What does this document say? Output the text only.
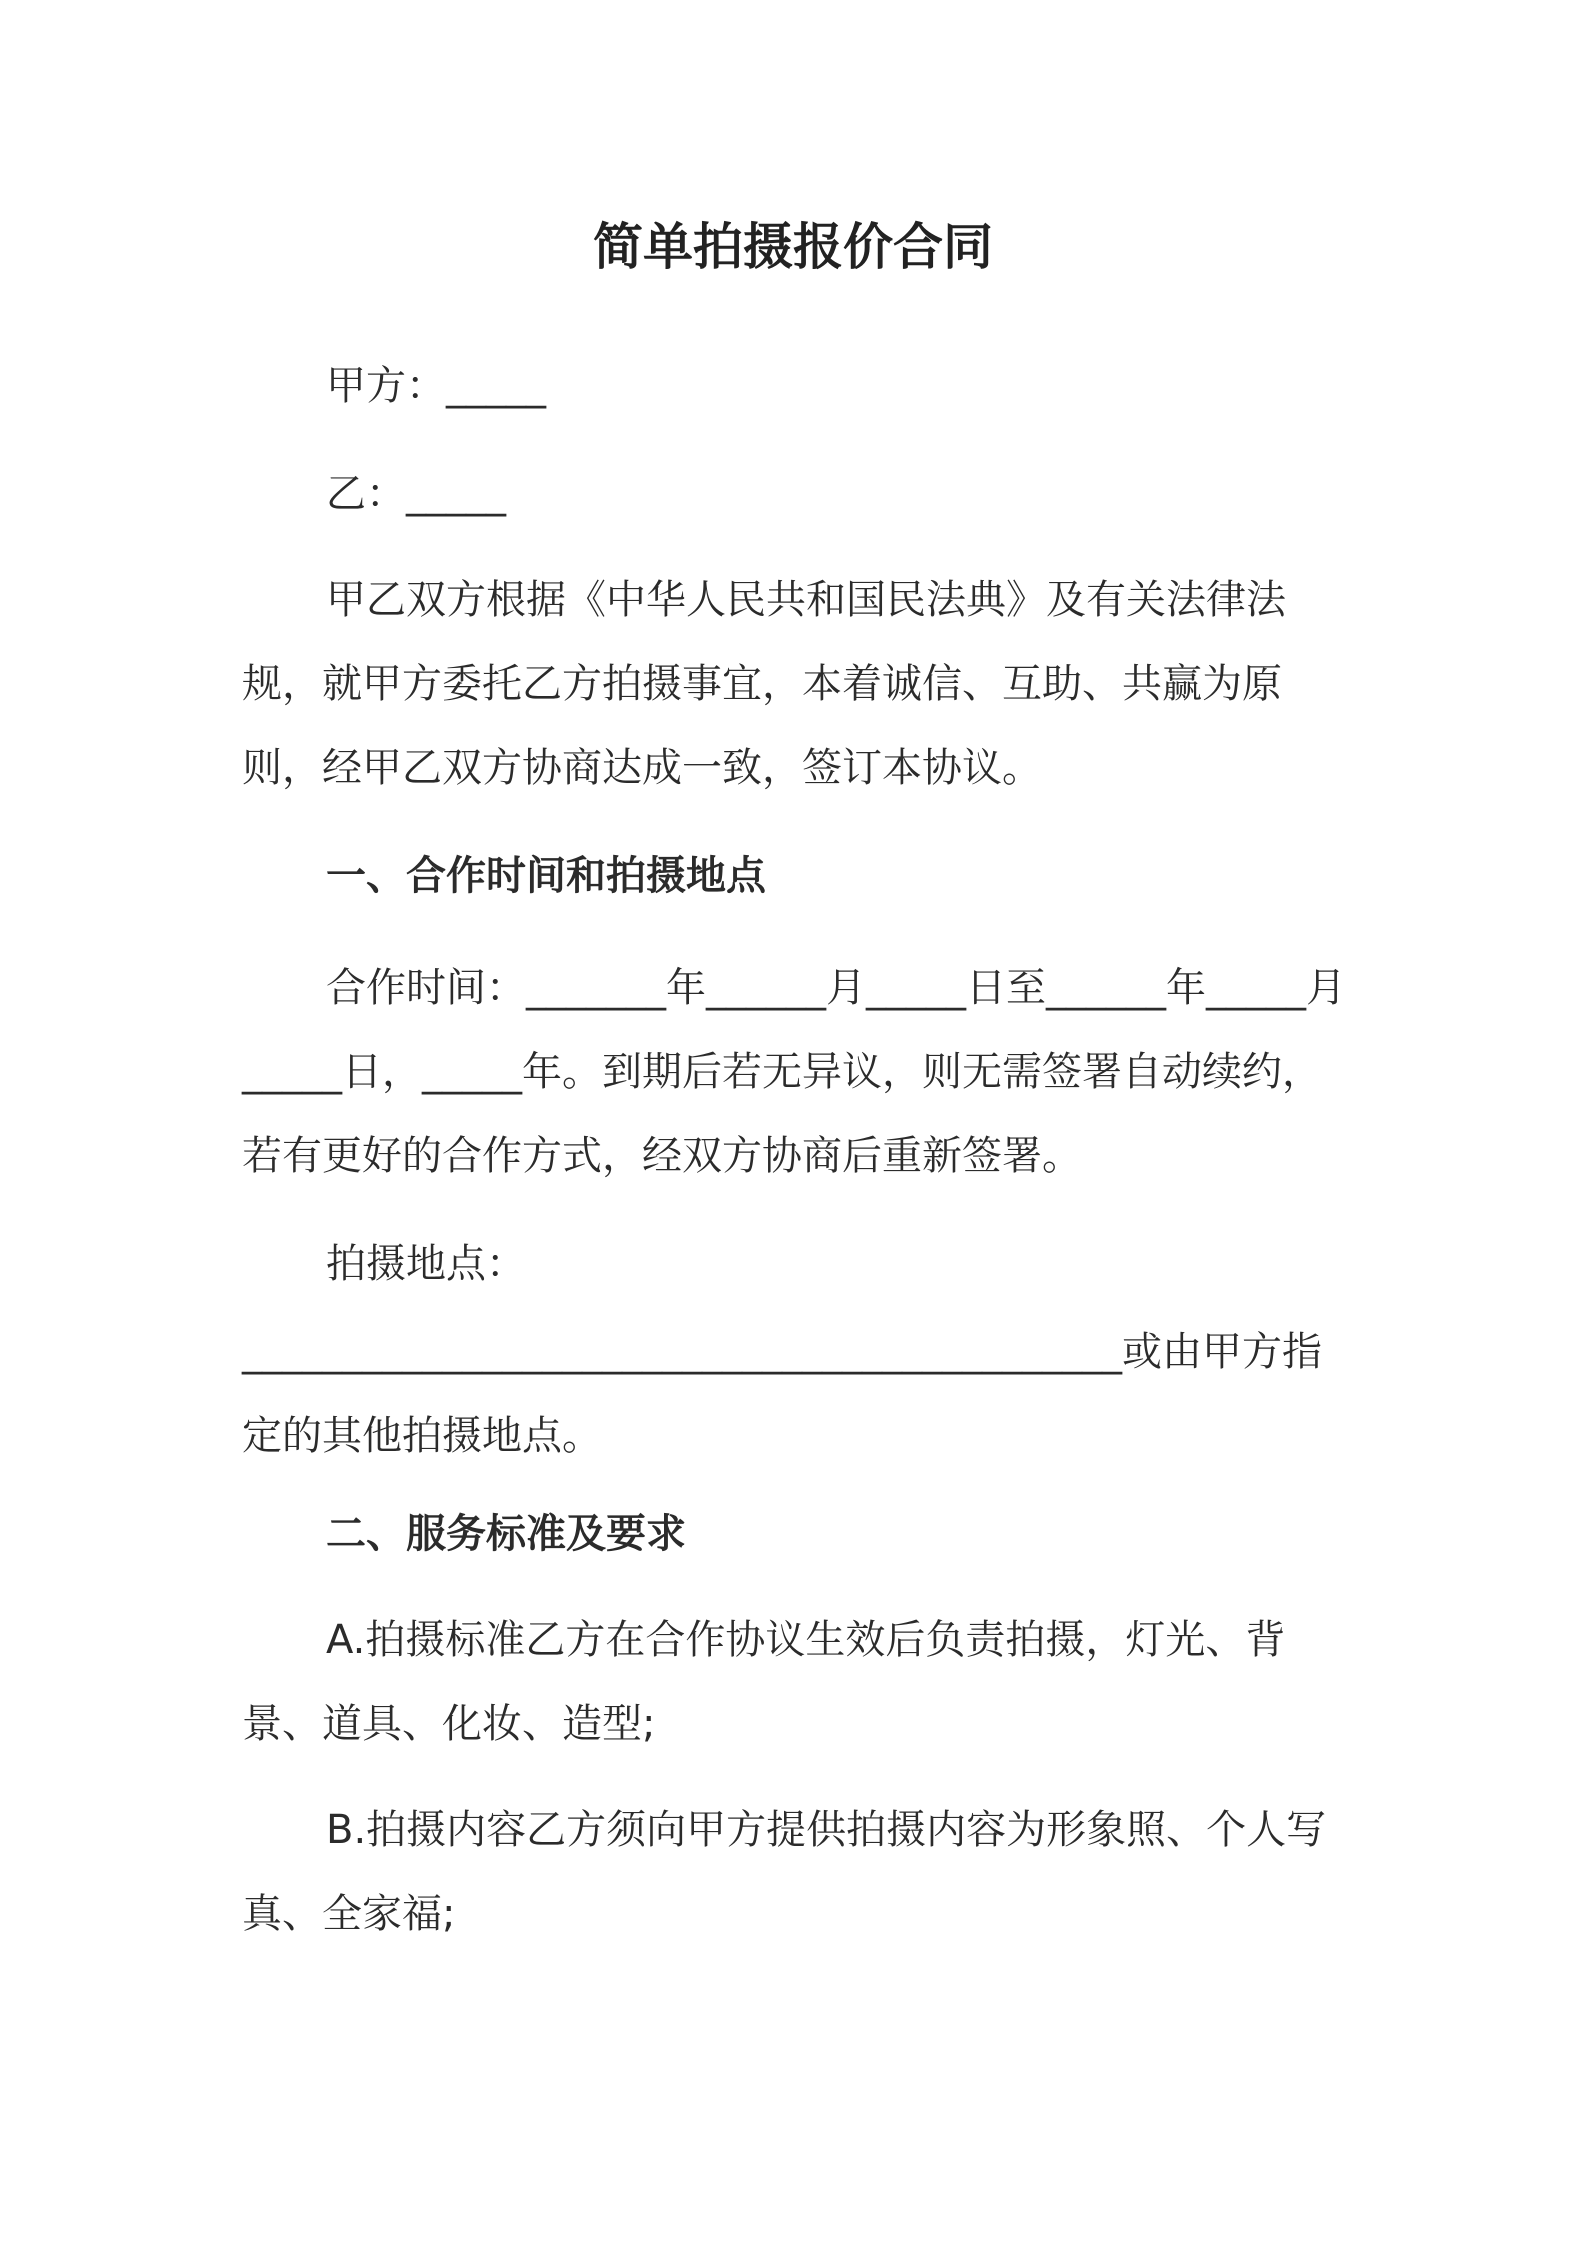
简单拍摄报价合同

甲方：_____

乙：_____

甲乙双方根据《中华人民共和国民法典》及有关法律法规，就甲方委托乙方拍摄事宜，本着诚信、互助、共赢为原则，经甲乙双方协商达成一致，签订本协议。

一、合作时间和拍摄地点

合作时间：_______年______月_____日至______年_____月_____日，_____年。到期后若无异议，则无需签署自动续约，若有更好的合作方式，经双方协商后重新签署。

拍摄地点：

____________________________________________或由甲方指定的其他拍摄地点。

二、服务标准及要求

A.拍摄标准乙方在合作协议生效后负责拍摄，灯光、背景、道具、化妆、造型;

B.拍摄内容乙方须向甲方提供拍摄内容为形象照、个人写真、全家福;
